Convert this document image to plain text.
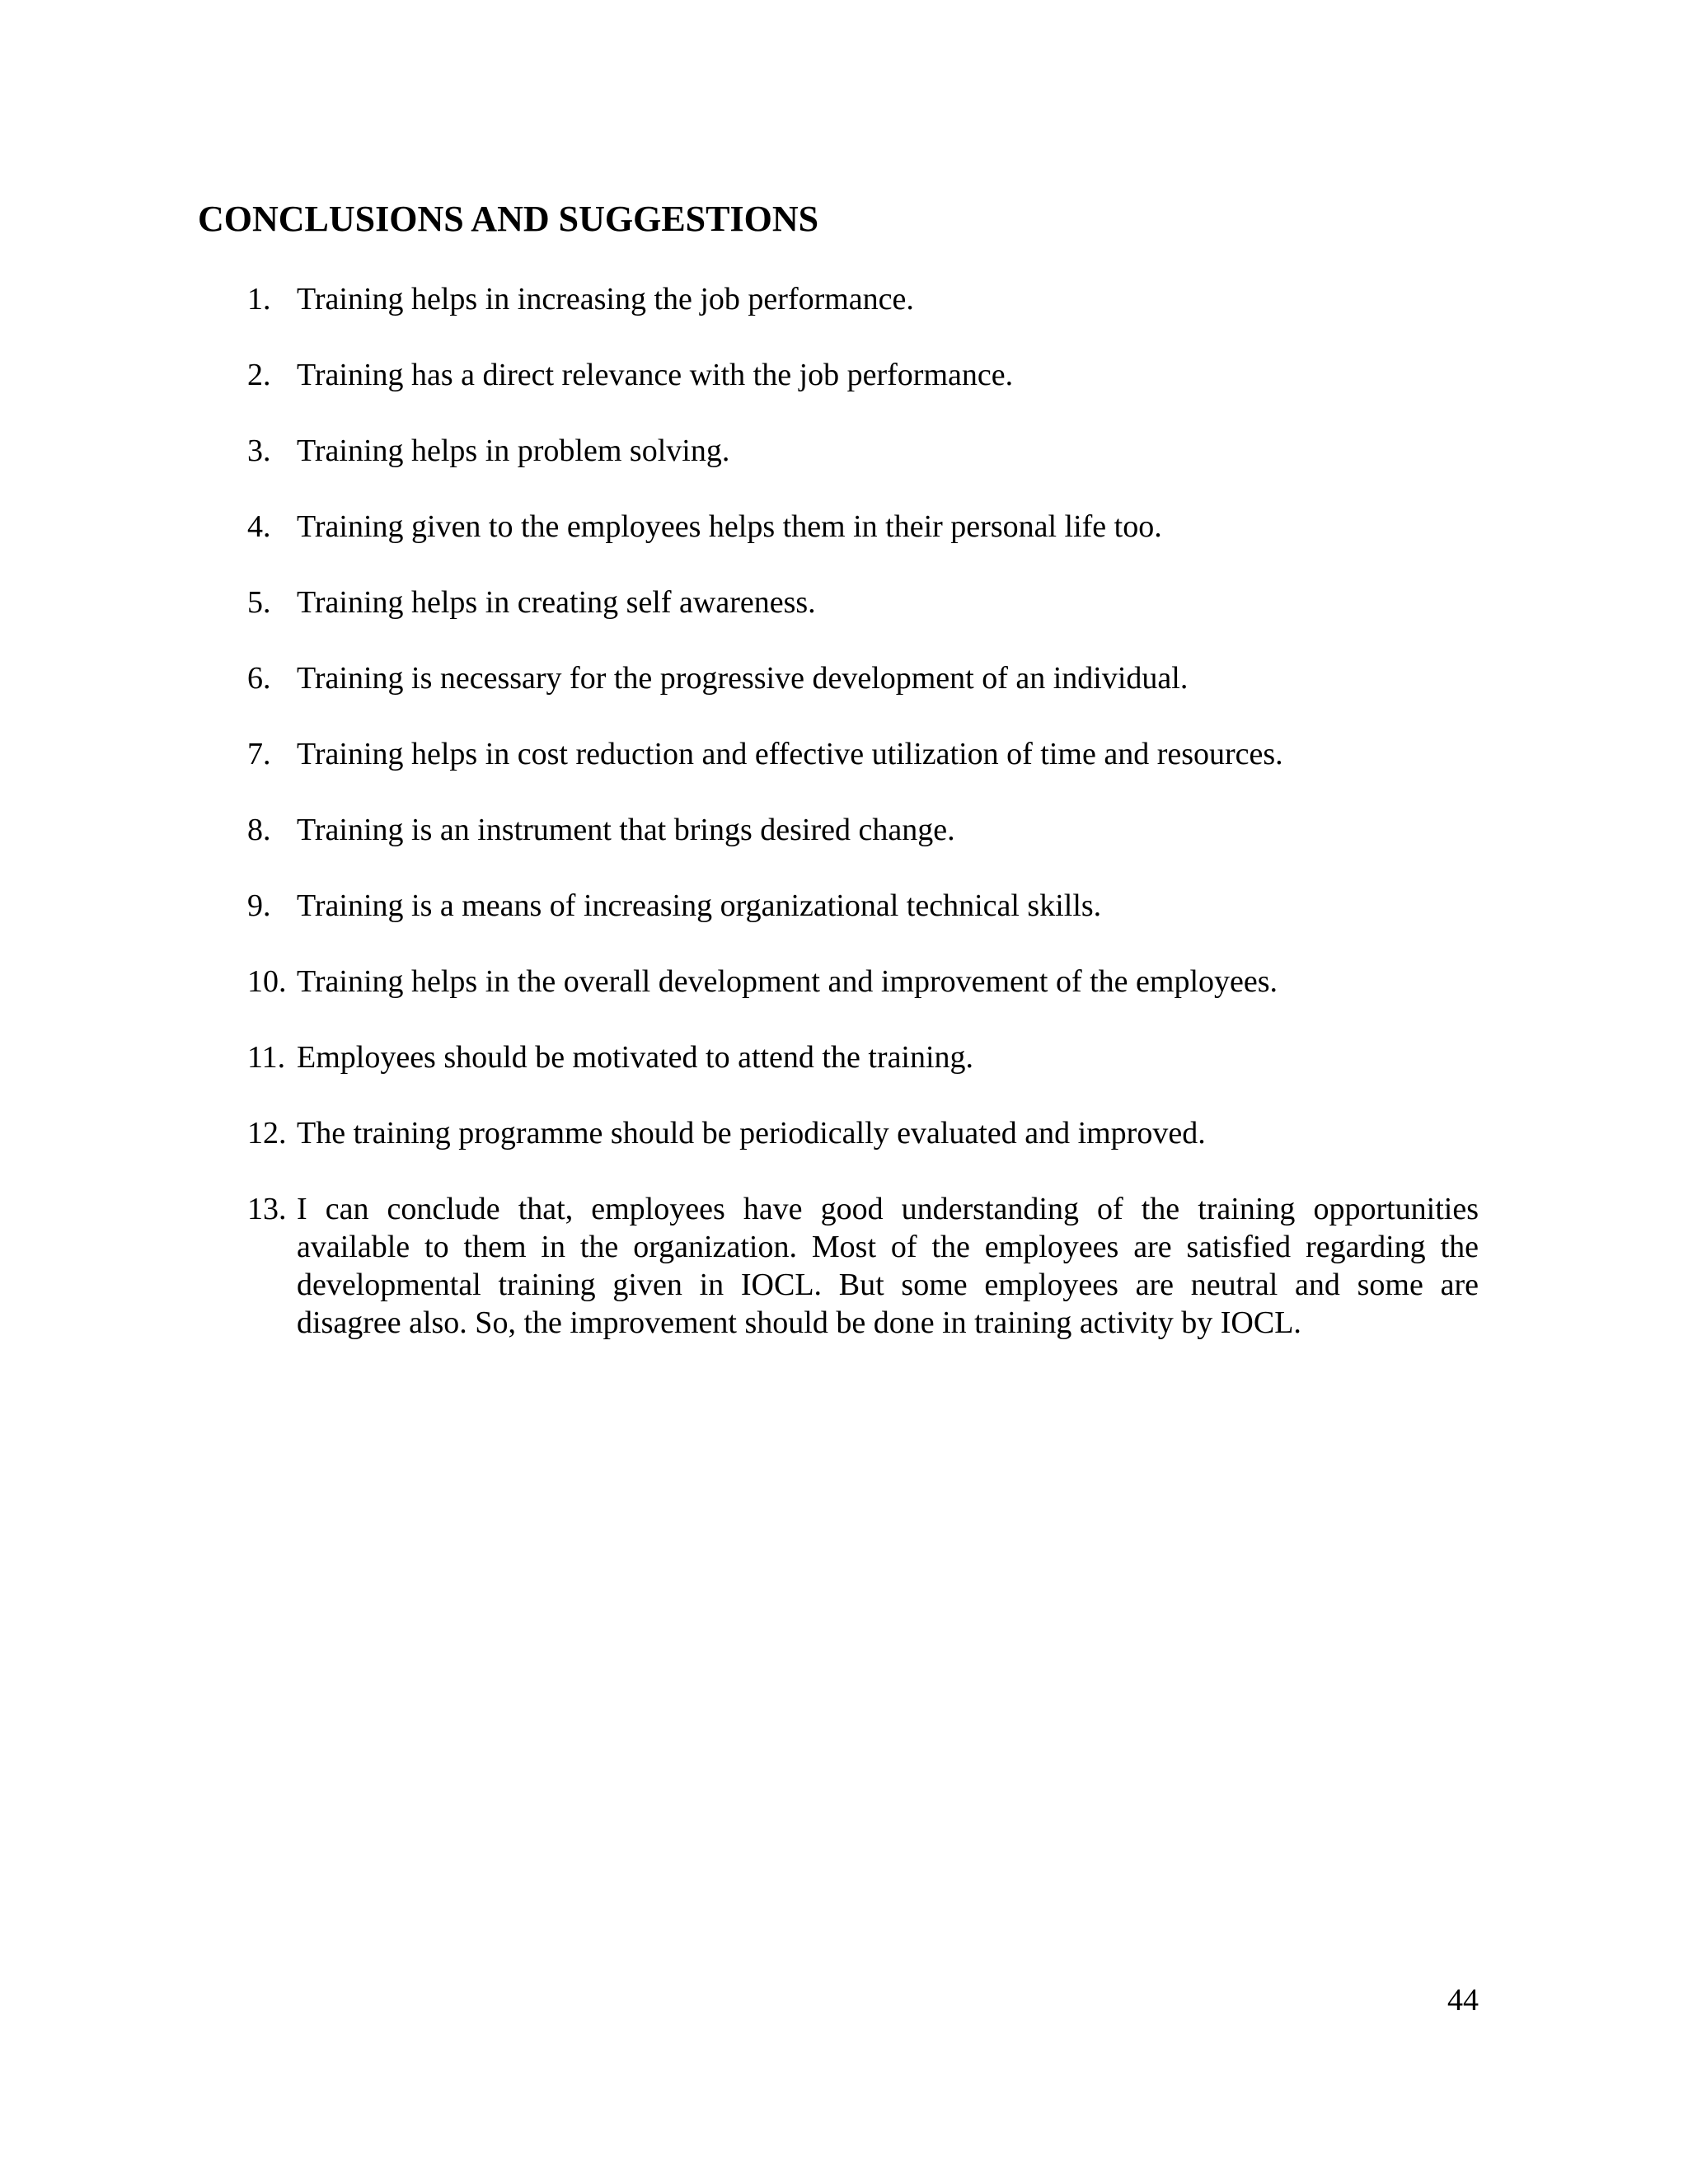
CONCLUSIONS AND SUGGESTIONS
1. Training helps in increasing the job performance.
2. Training has a direct relevance with the job performance.
3. Training helps in problem solving.
4. Training given to the employees helps them in their personal life too.
5. Training helps in creating self awareness.
6. Training is necessary for the progressive development of an individual.
7. Training helps in cost reduction and effective utilization of time and resources.
8. Training is an instrument that brings desired change.
9. Training is a means of increasing organizational technical skills.
10. Training helps in the overall development and improvement of the employees.
11. Employees should be motivated to attend the training.
12. The training programme should be periodically evaluated and improved.
13. I can conclude that, employees have good understanding of the training opportunities available to them in the organization. Most of the employees are satisfied regarding the developmental training given in IOCL. But some employees are neutral and some are disagree also. So, the improvement should be done in training activity by IOCL.
44
